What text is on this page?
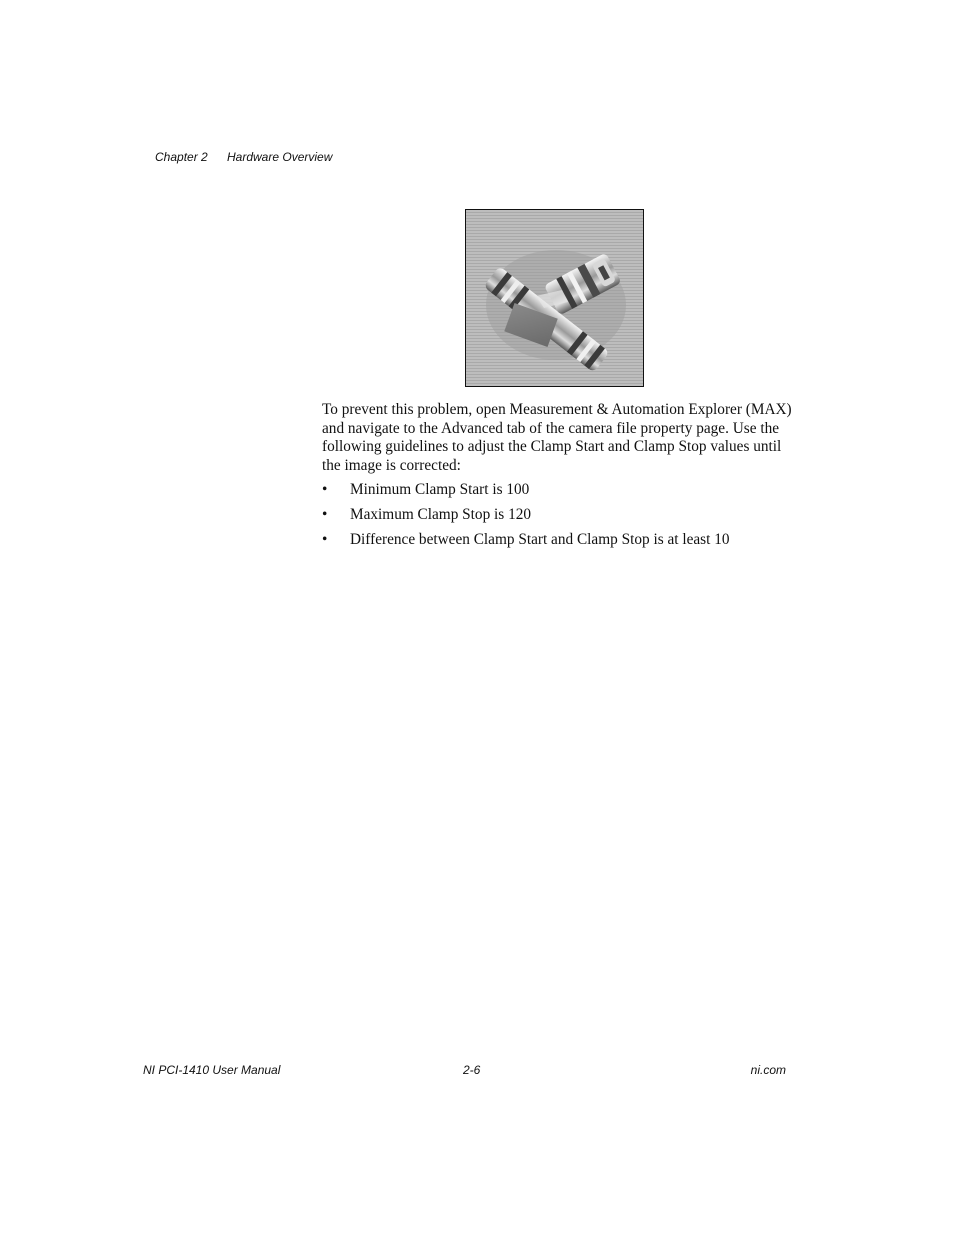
Chapter 2 Hardware Overview

To prevent this problem, open Measurement & Automation Explorer (MAX) and navigate to the Advanced tab of the camera file property page. Use the following guidelines to adjust the Clamp Start and Clamp Stop values until the image is corrected:

• Minimum Clamp Start is 100
• Maximum Clamp Stop is 120
• Difference between Clamp Start and Clamp Stop is at least 10
NI PCI-1410 User Manual	2-6	ni.com
